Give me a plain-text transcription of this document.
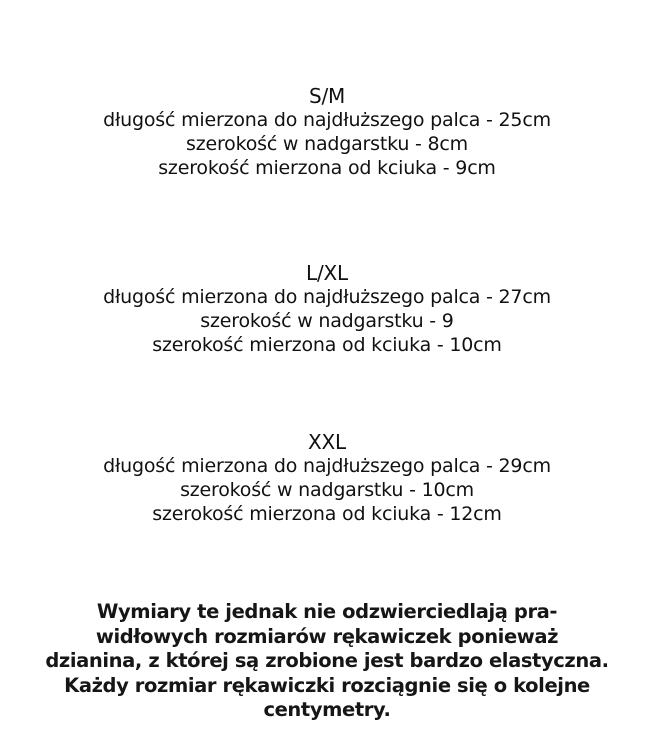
S/M
długość mierzona do najdłuższego palca - 25cm
szerokość w nadgarstku - 8cm
szerokość mierzona od kciuka - 9cm
L/XL
długość mierzona do najdłuższego palca - 27cm
szerokość w nadgarstku - 9
szerokość mierzona od kciuka - 10cm
XXL
długość mierzona do najdłuższego palca - 29cm
szerokość w nadgarstku - 10cm
szerokość mierzona od kciuka - 12cm
Wymiary te jednak nie odzwierciedlają pra-
widłowych rozmiarów rękawiczek ponieważ
dzianina, z której są zrobione jest bardzo elastyczna.
Każdy rozmiar rękawiczki rozciągnie się o kolejne
centymetry.
